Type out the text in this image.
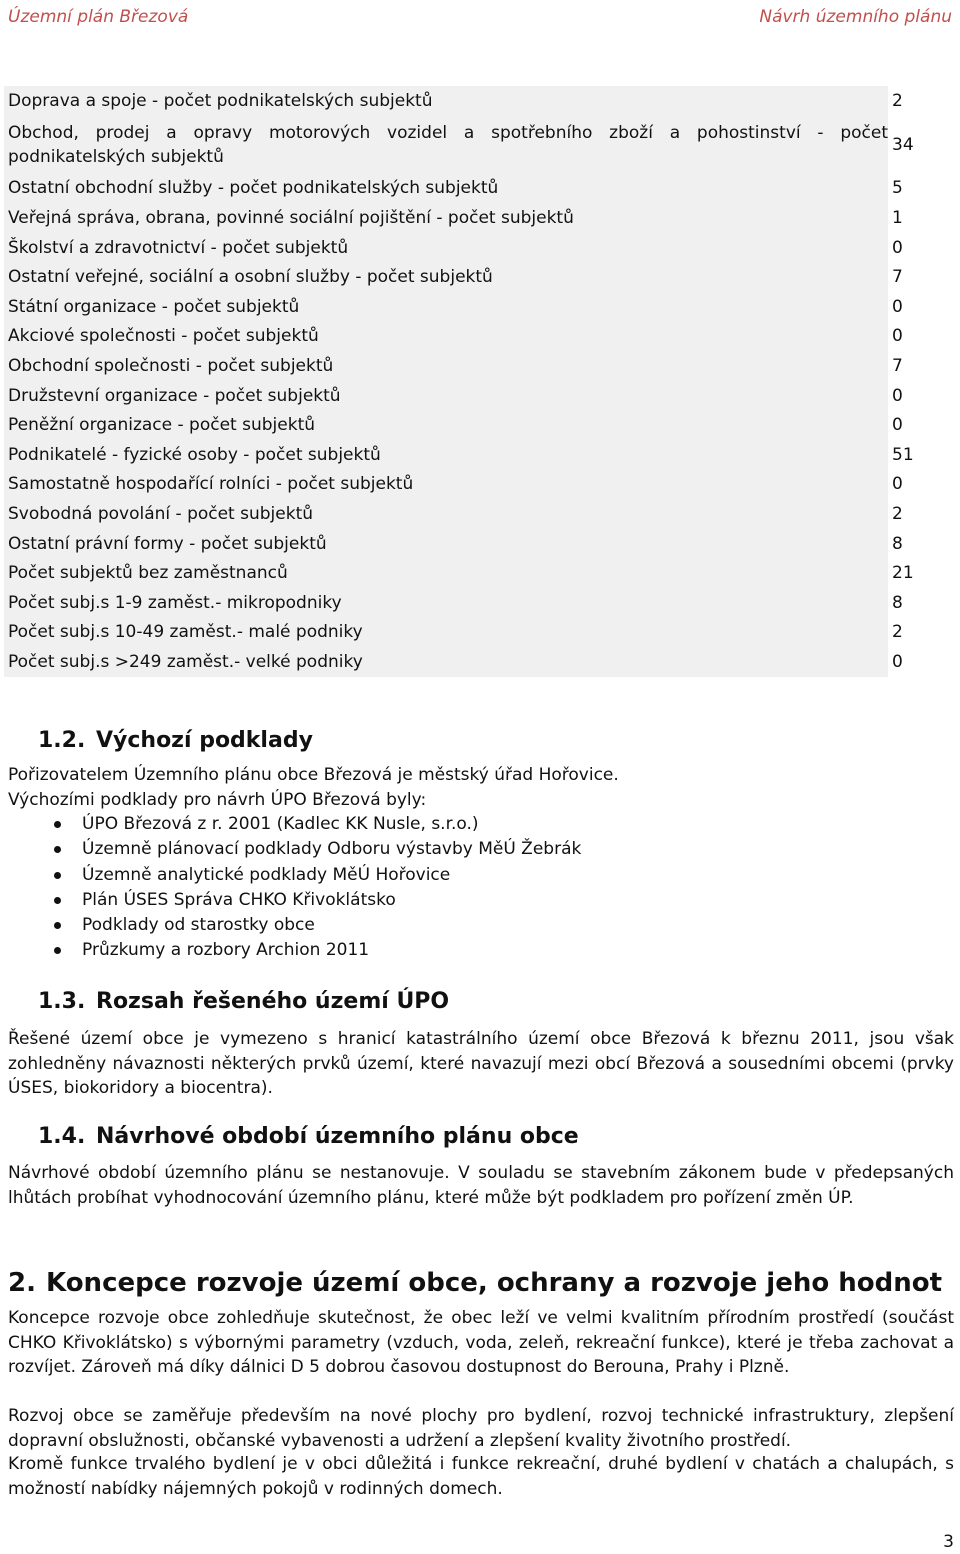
Územní plán Březová	Návrh územního plánu
Doprava a spoje - počet podnikatelských subjektů	2
Obchod, prodej a opravy motorových vozidel a spotřebního zboží a pohostinství - počet podnikatelských subjektů	34
Ostatní obchodní služby - počet podnikatelských subjektů	5
Veřejná správa, obrana, povinné sociální pojištění - počet subjektů	1
Školství a zdravotnictví - počet subjektů	0
Ostatní veřejné, sociální a osobní služby - počet subjektů	7
Státní organizace - počet subjektů	0
Akciové společnosti - počet subjektů	0
Obchodní společnosti - počet subjektů	7
Družstevní organizace - počet subjektů	0
Peněžní organizace - počet subjektů	0
Podnikatelé - fyzické osoby - počet subjektů	51
Samostatně hospodařící rolníci - počet subjektů	0
Svobodná povolání - počet subjektů	2
Ostatní právní formy - počet subjektů	8
Počet subjektů bez zaměstnanců	21
Počet subj.s 1-9 zaměst.- mikropodniky	8
Počet subj.s 10-49 zaměst.- malé podniky	2
Počet subj.s >249 zaměst.- velké podniky	0
1.2. Výchozí podklady
Pořizovatelem Územního plánu obce Březová je městský úřad Hořovice.
Výchozími podklady pro návrh ÚPO Březová byly:
ÚPO Březová z r. 2001 (Kadlec KK Nusle, s.r.o.)
Územně plánovací podklady Odboru výstavby MěÚ Žebrák
Územně analytické podklady MěÚ Hořovice
Plán ÚSES Správa CHKO Křivoklátsko
Podklady od starostky obce
Průzkumy a rozbory Archion 2011
1.3. Rozsah řešeného území ÚPO
Řešené území obce je vymezeno s hranicí katastrálního území obce Březová k březnu 2011, jsou však zohledněny návaznosti některých prvků území, které navazují mezi obcí Březová a sousedními obcemi (prvky ÚSES, biokoridory a biocentra).
1.4. Návrhové období územního plánu obce
Návrhové období územního plánu se nestanovuje. V souladu se stavebním zákonem bude v předepsaných lhůtách probíhat vyhodnocování územního plánu, které může být podkladem pro pořízení změn ÚP.
2. Koncepce rozvoje území obce, ochrany a rozvoje jeho hodnot
Koncepce rozvoje obce zohledňuje skutečnost, že obec leží ve velmi kvalitním přírodním prostředí (součást CHKO Křivoklátsko) s výbornými parametry (vzduch, voda, zeleň, rekreační funkce), které je třeba zachovat a rozvíjet. Zároveň má díky dálnici D 5 dobrou časovou dostupnost do Berouna, Prahy i Plzně.
Rozvoj obce se zaměřuje především na nové plochy pro bydlení, rozvoj technické infrastruktury, zlepšení dopravní obslužnosti, občanské vybavenosti a udržení a zlepšení kvality životního prostředí.
Kromě funkce trvalého bydlení je v obci důležitá i funkce rekreační, druhé bydlení v chatách a chalupách, s možností nabídky nájemných pokojů v rodinných domech.
3
